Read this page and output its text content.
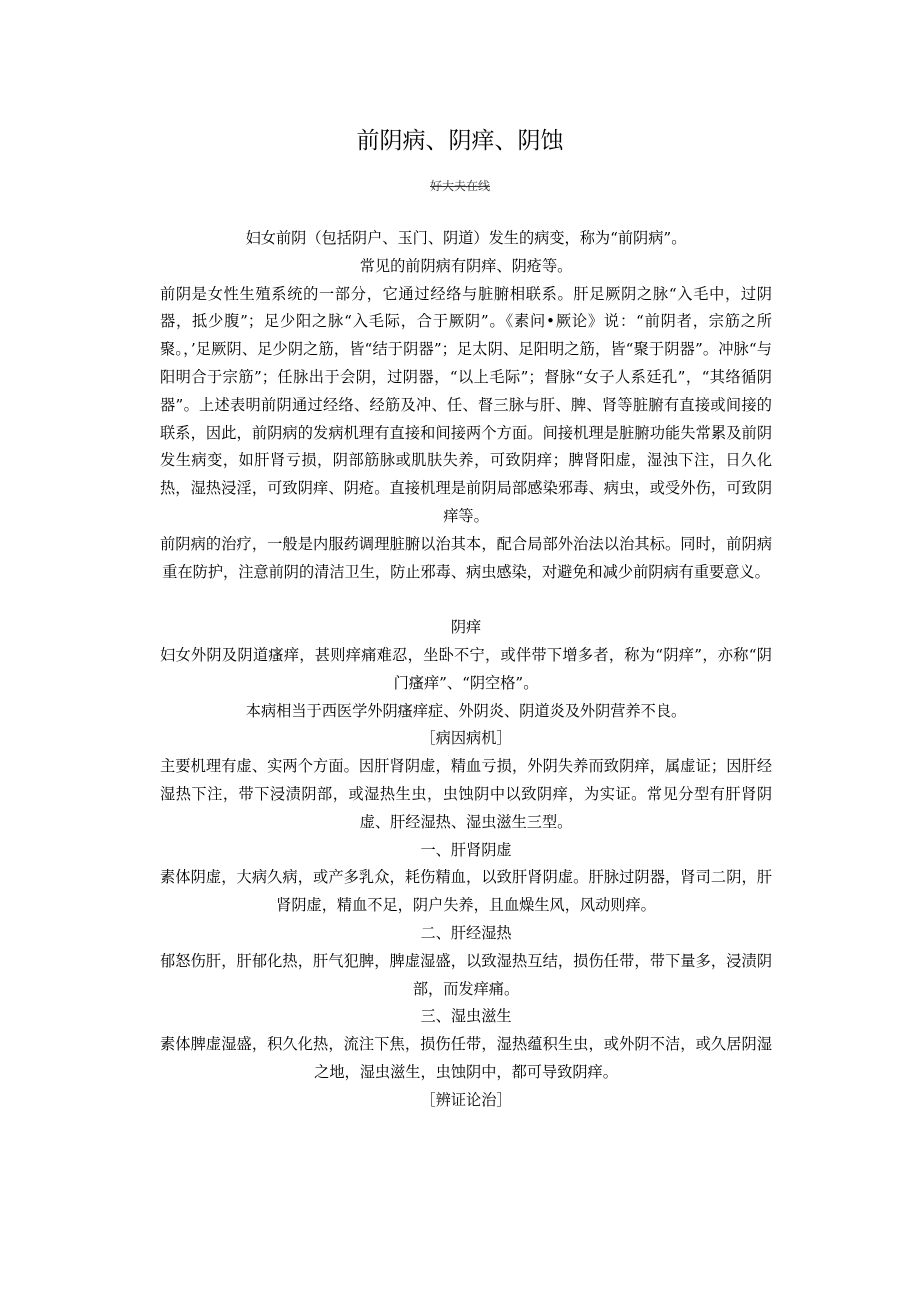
前阴病、阴痒、阴蚀
好大夫在线

妇女前阴（包括阴户、玉门、阴道）发生的病变，称为“前阴病”。

常见的前阴病有阴痒、阴疮等。

前阴是女性生殖系统的一部分，它通过经络与脏腑相联系。肝足厥阴之脉“入毛中，过阴器，抵少腹”；足少阳之脉“入毛际，合于厥阴”。《素问•厥论》说：“前阴者，宗筋之所聚。，’足厥阴、足少阴之筋，皆“结于阴器”；足太阴、足阳明之筋，皆“聚于阴器”。冲脉“与阳明合于宗筋”；任脉出于会阴，过阴器，“以上毛际”；督脉“女子人系廷孔”，“其络循阴器”。上述表明前阴通过经络、经筋及冲、任、督三脉与肝、脾、肾等脏腑有直接或间接的联系，因此，前阴病的发病机理有直接和间接两个方面。间接机理是脏腑功能失常累及前阴发生病变，如肝肾亏损，阴部筋脉或肌肤失养，可致阴痒；脾肾阳虚，湿浊下注，日久化热，湿热浸淫，可致阴痒、阴疮。直接机理是前阴局部感染邪毒、病虫，或受外伤，可致阴痒等。

前阴病的治疗，一般是内服药调理脏腑以治其本，配合局部外治法以治其标。同时，前阴病重在防护，注意前阴的清洁卫生，防止邪毒、病虫感染，对避免和减少前阴病有重要意义。

阴痒

妇女外阴及阴道瘙痒，甚则痒痛难忍，坐卧不宁，或伴带下增多者，称为“阴痒”，亦称“阴门瘙痒”、“阴空格”。

本病相当于西医学外阴瘙痒症、外阴炎、阴道炎及外阴营养不良。

［病因病机］

主要机理有虚、实两个方面。因肝肾阴虚，精血亏损，外阴失养而致阴痒，属虚证；因肝经湿热下注，带下浸渍阴部，或湿热生虫，虫蚀阴中以致阴痒，为实证。常见分型有肝肾阴虚、肝经湿热、湿虫滋生三型。

一、肝肾阴虚

素体阴虚，大病久病，或产多乳众，耗伤精血，以致肝肾阴虚。肝脉过阴器，肾司二阴，肝肾阴虚，精血不足，阴户失养，且血燥生风，风动则痒。

二、肝经湿热

郁怒伤肝，肝郁化热，肝气犯脾，脾虚湿盛，以致湿热互结，损伤任带，带下量多，浸渍阴部，而发痒痛。

三、湿虫滋生

素体脾虚湿盛，积久化热，流注下焦，损伤任带，湿热蕴积生虫，或外阴不洁，或久居阴湿之地，湿虫滋生，虫蚀阴中，都可导致阴痒。

［辨证论治］
